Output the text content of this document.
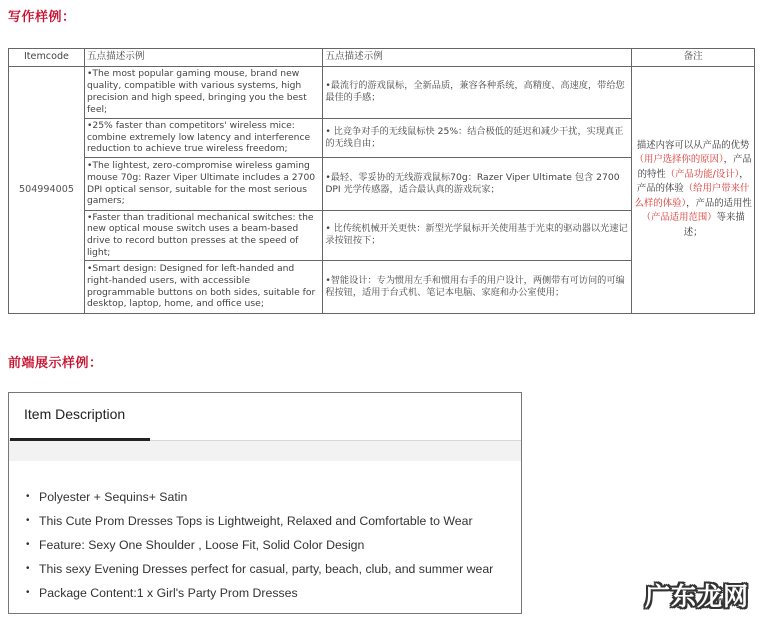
写作样例：
Itemcode	五点描述示例	五点描述示例	备注
504994005	•The most popular gaming mouse, brand new quality, compatible with various systems, high precision and high speed, bringing you the best feel;	•最流行的游戏鼠标，全新品质，兼容各种系统，高精度、高速度，带给您最佳的手感；	描述内容可以从产品的优势（用户选择你的原因），产品的特性（产品功能/设计），产品的体验（给用户带来什么样的体验），产品的适用性（产品适用范围）等来描述；
	•25% faster than competitors' wireless mice: combine extremely low latency and interference reduction to achieve true wireless freedom;	• 比竞争对手的无线鼠标快 25%：结合极低的延迟和减少干扰，实现真正的无线自由；	
	•The lightest, zero-compromise wireless gaming mouse 70g: Razer Viper Ultimate includes a 2700 DPI optical sensor, suitable for the most serious gamers;	•最轻、零妥协的无线游戏鼠标70g：Razer Viper Ultimate 包含 2700 DPI 光学传感器，适合最认真的游戏玩家；	
	•Faster than traditional mechanical switches: the new optical mouse switch uses a beam-based drive to record button presses at the speed of light;	• 比传统机械开关更快：新型光学鼠标开关使用基于光束的驱动器以光速记录按钮按下；	
	•Smart design: Designed for left-handed and right-handed users, with accessible programmable buttons on both sides, suitable for desktop, laptop, home, and office use;	•智能设计：专为惯用左手和惯用右手的用户设计，两侧带有可访问的可编程按钮，适用于台式机、笔记本电脑、家庭和办公室使用；	
前端展示样例：
Item Description
• Polyester + Sequins+ Satin
• This Cute Prom Dresses Tops is Lightweight, Relaxed and Comfortable to Wear
• Feature: Sexy One Shoulder , Loose Fit, Solid Color Design
• This sexy Evening Dresses perfect for casual, party, beach, club, and summer wear
• Package Content:1 x Girl's Party Prom Dresses	广东龙网
